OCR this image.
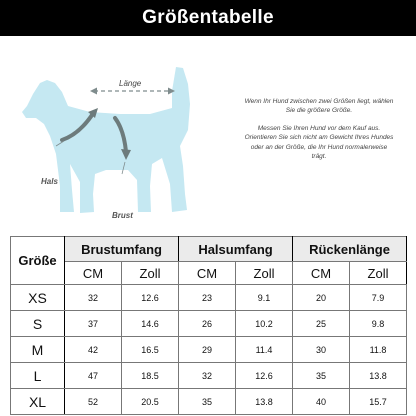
Größentabelle
Länge
Hals
Brust

Wenn Ihr Hund zwischen zwei Größen liegt, wählen Sie die größere Größe.

Messen Sie Ihren Hund vor dem Kauf aus. Orientieren Sie sich nicht am Gewicht Ihres Hundes oder an der Größe, die Ihr Hund normalerweise trägt.

Größe	Brustumfang		Halsumfang		Rückenlänge	
	CM	Zoll	CM	Zoll	CM	Zoll
XS	32	12.6	23	9.1	20	7.9
S	37	14.6	26	10.2	25	9.8
M	42	16.5	29	11.4	30	11.8
L	47	18.5	32	12.6	35	13.8
XL	52	20.5	35	13.8	40	15.7
